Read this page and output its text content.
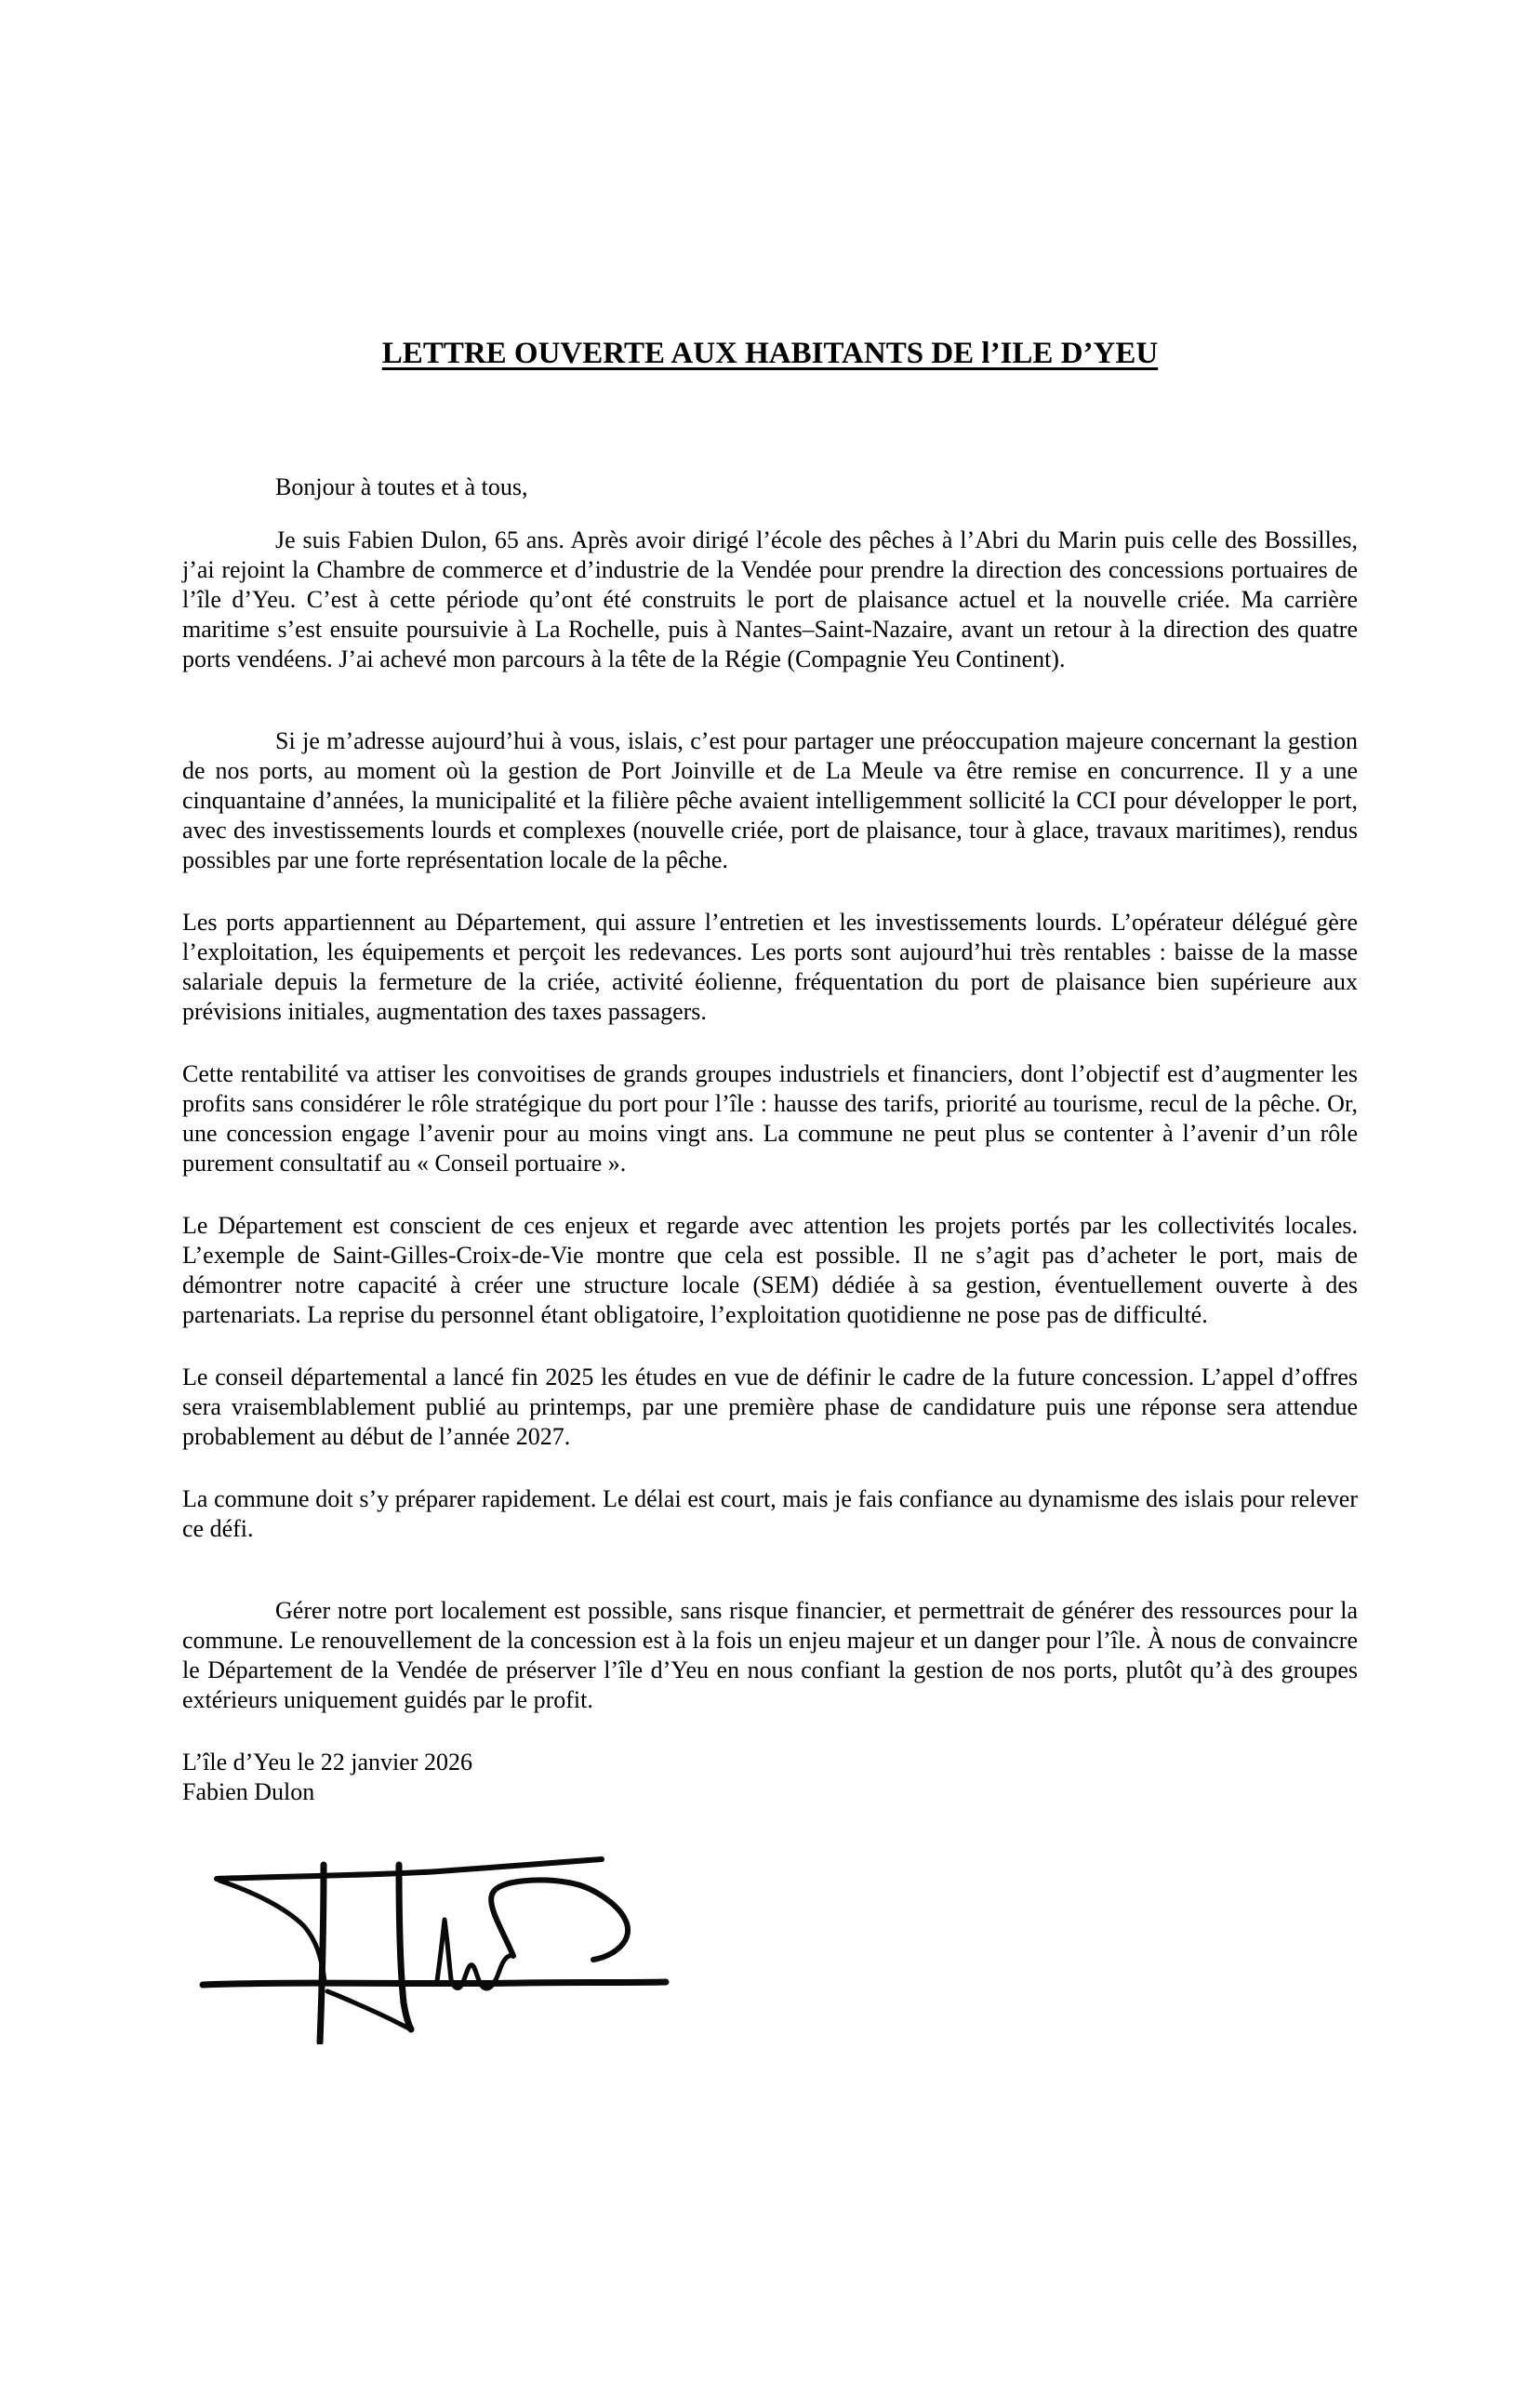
LETTRE OUVERTE AUX HABITANTS DE l’ILE D’YEU
Bonjour à toutes et à tous,

Je suis Fabien Dulon, 65 ans. Après avoir dirigé l’école des pêches à l’Abri du Marin puis celle des Bossilles, j’ai rejoint la Chambre de commerce et d’industrie de la Vendée pour prendre la direction des concessions portuaires de l’île d’Yeu. C’est à cette période qu’ont été construits le port de plaisance actuel et la nouvelle criée. Ma carrière maritime s’est ensuite poursuivie à La Rochelle, puis à Nantes–Saint-Nazaire, avant un retour à la direction des quatre ports vendéens. J’ai achevé mon parcours à la tête de la Régie (Compagnie Yeu Continent).

Si je m’adresse aujourd’hui à vous, islais, c’est pour partager une préoccupation majeure concernant la gestion de nos ports, au moment où la gestion de Port Joinville et de La Meule va être remise en concurrence. Il y a une cinquantaine d’années, la municipalité et la filière pêche avaient intelligemment sollicité la CCI pour développer le port, avec des investissements lourds et complexes (nouvelle criée, port de plaisance, tour à glace, travaux maritimes), rendus possibles par une forte représentation locale de la pêche.

Les ports appartiennent au Département, qui assure l’entretien et les investissements lourds. L’opérateur délégué gère l’exploitation, les équipements et perçoit les redevances. Les ports sont aujourd’hui très rentables : baisse de la masse salariale depuis la fermeture de la criée, activité éolienne, fréquentation du port de plaisance bien supérieure aux prévisions initiales, augmentation des taxes passagers.

Cette rentabilité va attiser les convoitises de grands groupes industriels et financiers, dont l’objectif est d’augmenter les profits sans considérer le rôle stratégique du port pour l’île : hausse des tarifs, priorité au tourisme, recul de la pêche. Or, une concession engage l’avenir pour au moins vingt ans. La commune ne peut plus se contenter à l’avenir d’un rôle purement consultatif au « Conseil portuaire ».

Le Département est conscient de ces enjeux et regarde avec attention les projets portés par les collectivités locales. L’exemple de Saint-Gilles-Croix-de-Vie montre que cela est possible. Il ne s’agit pas d’acheter le port, mais de démontrer notre capacité à créer une structure locale (SEM) dédiée à sa gestion, éventuellement ouverte à des partenariats. La reprise du personnel étant obligatoire, l’exploitation quotidienne ne pose pas de difficulté.

Le conseil départemental a lancé fin 2025 les études en vue de définir le cadre de la future concession. L’appel d’offres sera vraisemblablement publié au printemps, par une première phase de candidature puis une réponse sera attendue probablement au début de l’année 2027.

La commune doit s’y préparer rapidement. Le délai est court, mais je fais confiance au dynamisme des islais pour relever ce défi.

Gérer notre port localement est possible, sans risque financier, et permettrait de générer des ressources pour la commune. Le renouvellement de la concession est à la fois un enjeu majeur et un danger pour l’île. À nous de convaincre le Département de la Vendée de préserver l’île d’Yeu en nous confiant la gestion de nos ports, plutôt qu’à des groupes extérieurs uniquement guidés par le profit.

L’île d’Yeu le 22 janvier 2026
Fabien Dulon
